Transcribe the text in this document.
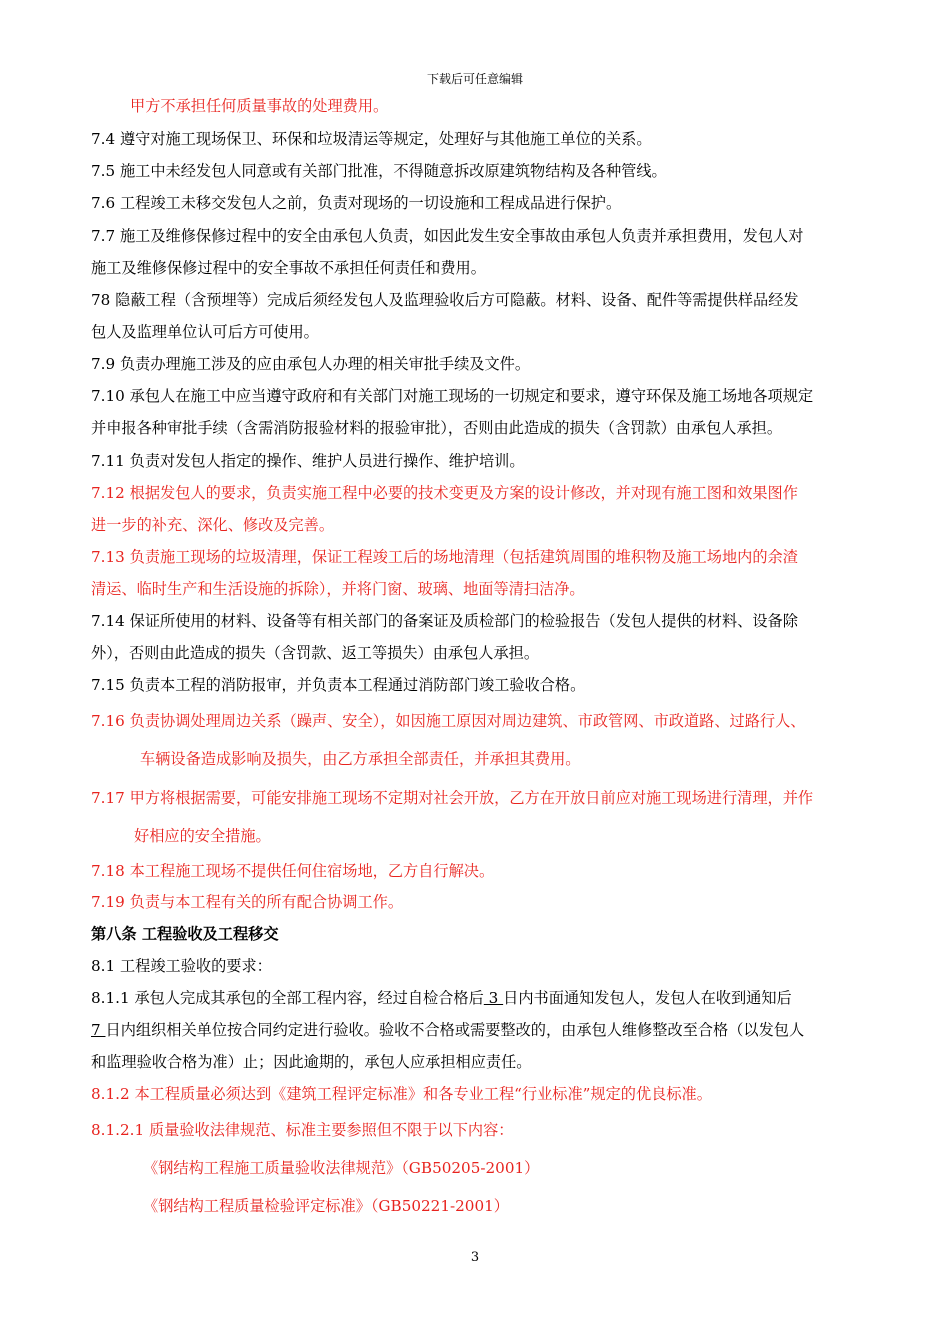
下载后可任意编辑
甲方不承担任何质量事故的处理费用。
7.4 遵守对施工现场保卫、环保和垃圾清运等规定，处理好与其他施工单位的关系。
7.5 施工中未经发包人同意或有关部门批准，不得随意拆改原建筑物结构及各种管线。
7.6 工程竣工未移交发包人之前，负责对现场的一切设施和工程成品进行保护。
7.7 施工及维修保修过程中的安全由承包人负责，如因此发生安全事故由承包人负责并承担费用，发包人对
施工及维修保修过程中的安全事故不承担任何责任和费用。
78 隐蔽工程（含预埋等）完成后须经发包人及监理验收后方可隐蔽。材料、设备、配件等需提供样品经发
包人及监理单位认可后方可使用。
7.9 负责办理施工涉及的应由承包人办理的相关审批手续及文件。
7.10 承包人在施工中应当遵守政府和有关部门对施工现场的一切规定和要求，遵守环保及施工场地各项规定
并申报各种审批手续（含需消防报验材料的报验审批），否则由此造成的损失（含罚款）由承包人承担。
7.11 负责对发包人指定的操作、维护人员进行操作、维护培训。
7.12 根据发包人的要求，负责实施工程中必要的技术变更及方案的设计修改，并对现有施工图和效果图作
进一步的补充、深化、修改及完善。
7.13 负责施工现场的垃圾清理，保证工程竣工后的场地清理（包括建筑周围的堆积物及施工场地内的余渣
清运、临时生产和生活设施的拆除），并将门窗、玻璃、地面等清扫洁净。
7.14 保证所使用的材料、设备等有相关部门的备案证及质检部门的检验报告（发包人提供的材料、设备除
外），否则由此造成的损失（含罚款、返工等损失）由承包人承担。
7.15 负责本工程的消防报审，并负责本工程通过消防部门竣工验收合格。
7.16 负责协调处理周边关系（躁声、安全），如因施工原因对周边建筑、市政管网、市政道路、过路行人、
车辆设备造成影响及损失，由乙方承担全部责任，并承担其费用。
7.17 甲方将根据需要，可能安排施工现场不定期对社会开放，乙方在开放日前应对施工现场进行清理，并作
好相应的安全措施。
7.18 本工程施工现场不提供任何住宿场地，乙方自行解决。
7.19 负责与本工程有关的所有配合协调工作。
第八条 工程验收及工程移交
8.1 工程竣工验收的要求：
8.1.1 承包人完成其承包的全部工程内容，经过自检合格后 3 日内书面通知发包人，发包人在收到通知后
7 日内组织相关单位按合同约定进行验收。验收不合格或需要整改的，由承包人维修整改至合格（以发包人
和监理验收合格为准）止；因此逾期的，承包人应承担相应责任。
8.1.2 本工程质量必须达到《建筑工程评定标准》和各专业工程“行业标准”规定的优良标准。
8.1.2.1 质量验收法律规范、标准主要参照但不限于以下内容：
《钢结构工程施工质量验收法律规范》（GB50205-2001）
《钢结构工程质量检验评定标准》（GB50221-2001）
3
